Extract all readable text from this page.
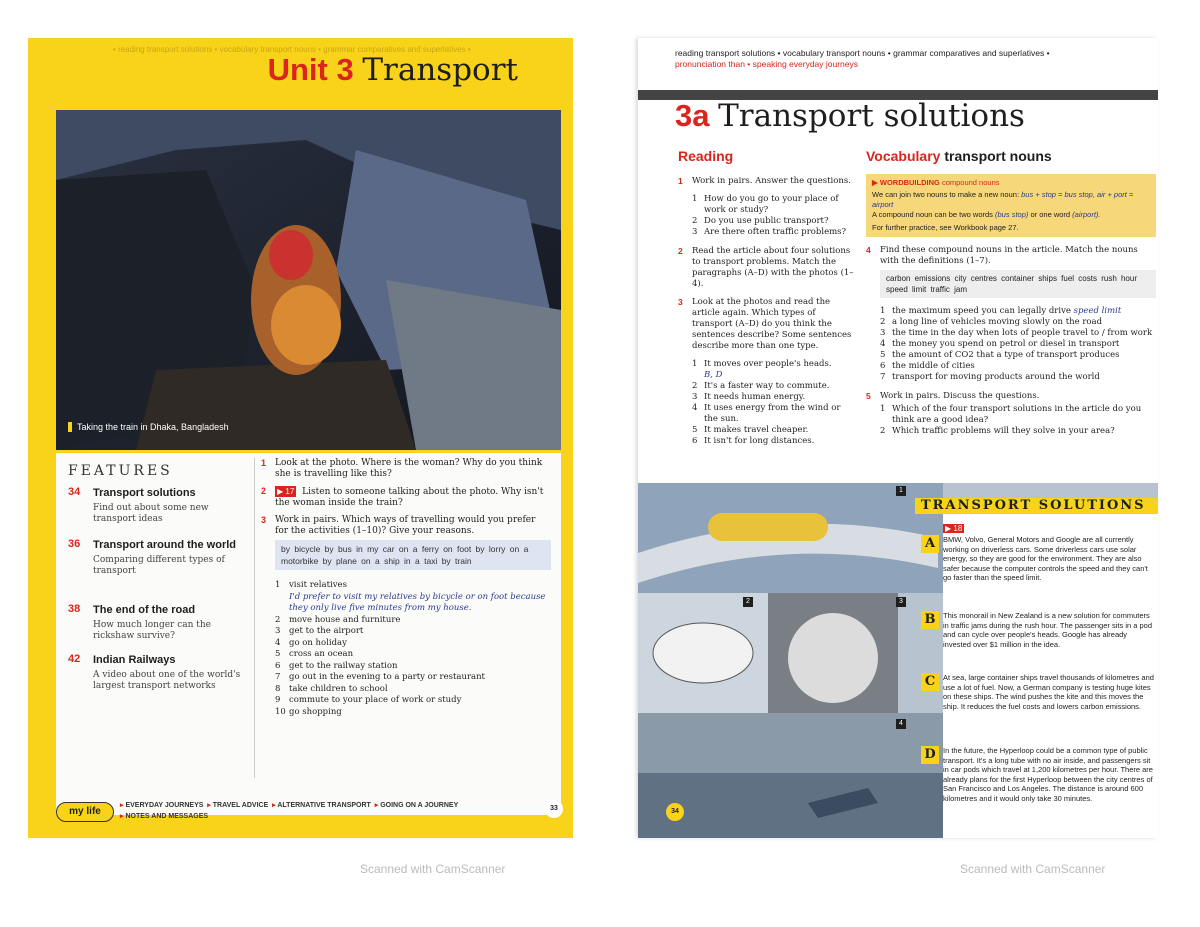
• reading transport solutions • vocabulary transport nouns • grammar comparatives and superlatives •
Unit 3 Transport
Taking the train in Dhaka, Bangladesh
FEATURES
34 Transport solutions
Find out about some new transport ideas
36 Transport around the world
Comparing different types of transport
38 The end of the road
How much longer can the rickshaw survive?
42 Indian Railways
A video about one of the world's largest transport networks
1 Look at the photo. Where is the woman? Why do you think she is travelling like this?
2 ▶ 17 Listen to someone talking about the photo. Why isn't the woman inside the train?
3 Work in pairs. Which ways of travelling would you prefer for the activities (1–10)? Give your reasons.
by bicycle by bus in my car on a ferry on foot by lorry on a motorbike by plane on a ship in a taxi by train
1 visit relatives
I'd prefer to visit my relatives by bicycle or on foot because they only live five minutes from my house.
2 move house and furniture
3 get to the airport
4 go on holiday
5 cross an ocean
6 get to the railway station
7 go out in the evening to a party or restaurant
8 take children to school
9 commute to your place of work or study
10 go shopping
my life
▸ EVERYDAY JOURNEYS ▸ TRAVEL ADVICE ▸ ALTERNATIVE TRANSPORT ▸ GOING ON A JOURNEY
▸ NOTES AND MESSAGES
33
reading transport solutions • vocabulary transport nouns • grammar comparatives and superlatives •
pronunciation than • speaking everyday journeys
3a Transport solutions
Reading
1 Work in pairs. Answer the questions.
1 How do you go to your place of work or study?
2 Do you use public transport?
3 Are there often traffic problems?
2 Read the article about four solutions to transport problems. Match the paragraphs (A–D) with the photos (1–4).
3 Look at the photos and read the article again. Which types of transport (A–D) do you think the sentences describe? Some sentences describe more than one type.
1 It moves over people's heads.
B, D
2 It's a faster way to commute.
3 It needs human energy.
4 It uses energy from the wind or the sun.
5 It makes travel cheaper.
6 It isn't for long distances.
Vocabulary transport nouns
▶ WORDBUILDING compound nouns
We can join two nouns to make a new noun: bus + stop = bus stop, air + port = airport
A compound noun can be two words (bus stop) or one word (airport).
For further practice, see Workbook page 27.
4 Find these compound nouns in the article. Match the nouns with the definitions (1–7).
carbon emissions city centres container ships fuel costs rush hour speed limit traffic jam
1 the maximum speed you can legally drive speed limit
2 a long line of vehicles moving slowly on the road
3 the time in the day when lots of people travel to / from work
4 the money you spend on petrol or diesel in transport
5 the amount of CO2 that a type of transport produces
6 the middle of cities
7 transport for moving products around the world
5 Work in pairs. Discuss the questions.
1 Which of the four transport solutions in the article do you think are a good idea?
2 Which traffic problems will they solve in your area?
1
2	3
4
34
TRANSPORT SOLUTIONS
▶ 18
A	BMW, Volvo, General Motors and Google are all currently working on driverless cars. Some driverless cars use solar energy, so they are good for the environment. They are also safer because the computer controls the speed and they can't go faster than the speed limit.
B	This monorail in New Zealand is a new solution for commuters in traffic jams during the rush hour. The passenger sits in a pod and can cycle over people's heads. Google has already invested over $1 million in the idea.
C	At sea, large container ships travel thousands of kilometres and use a lot of fuel. Now, a German company is testing huge kites on these ships. The wind pushes the kite and this moves the ship. It reduces the fuel costs and lowers carbon emissions.
D In the future, the Hyperloop could be a common type of public transport. It's a long tube with no air inside, and passengers sit in car pods which travel at 1,200 kilometres per hour. There are already plans for the first Hyperloop between the city centres of San Francisco and Los Angeles. The distance is around 600 kilometres and it would only take 30 minutes.
Scanned with CamScanner	Scanned with CamScanner
